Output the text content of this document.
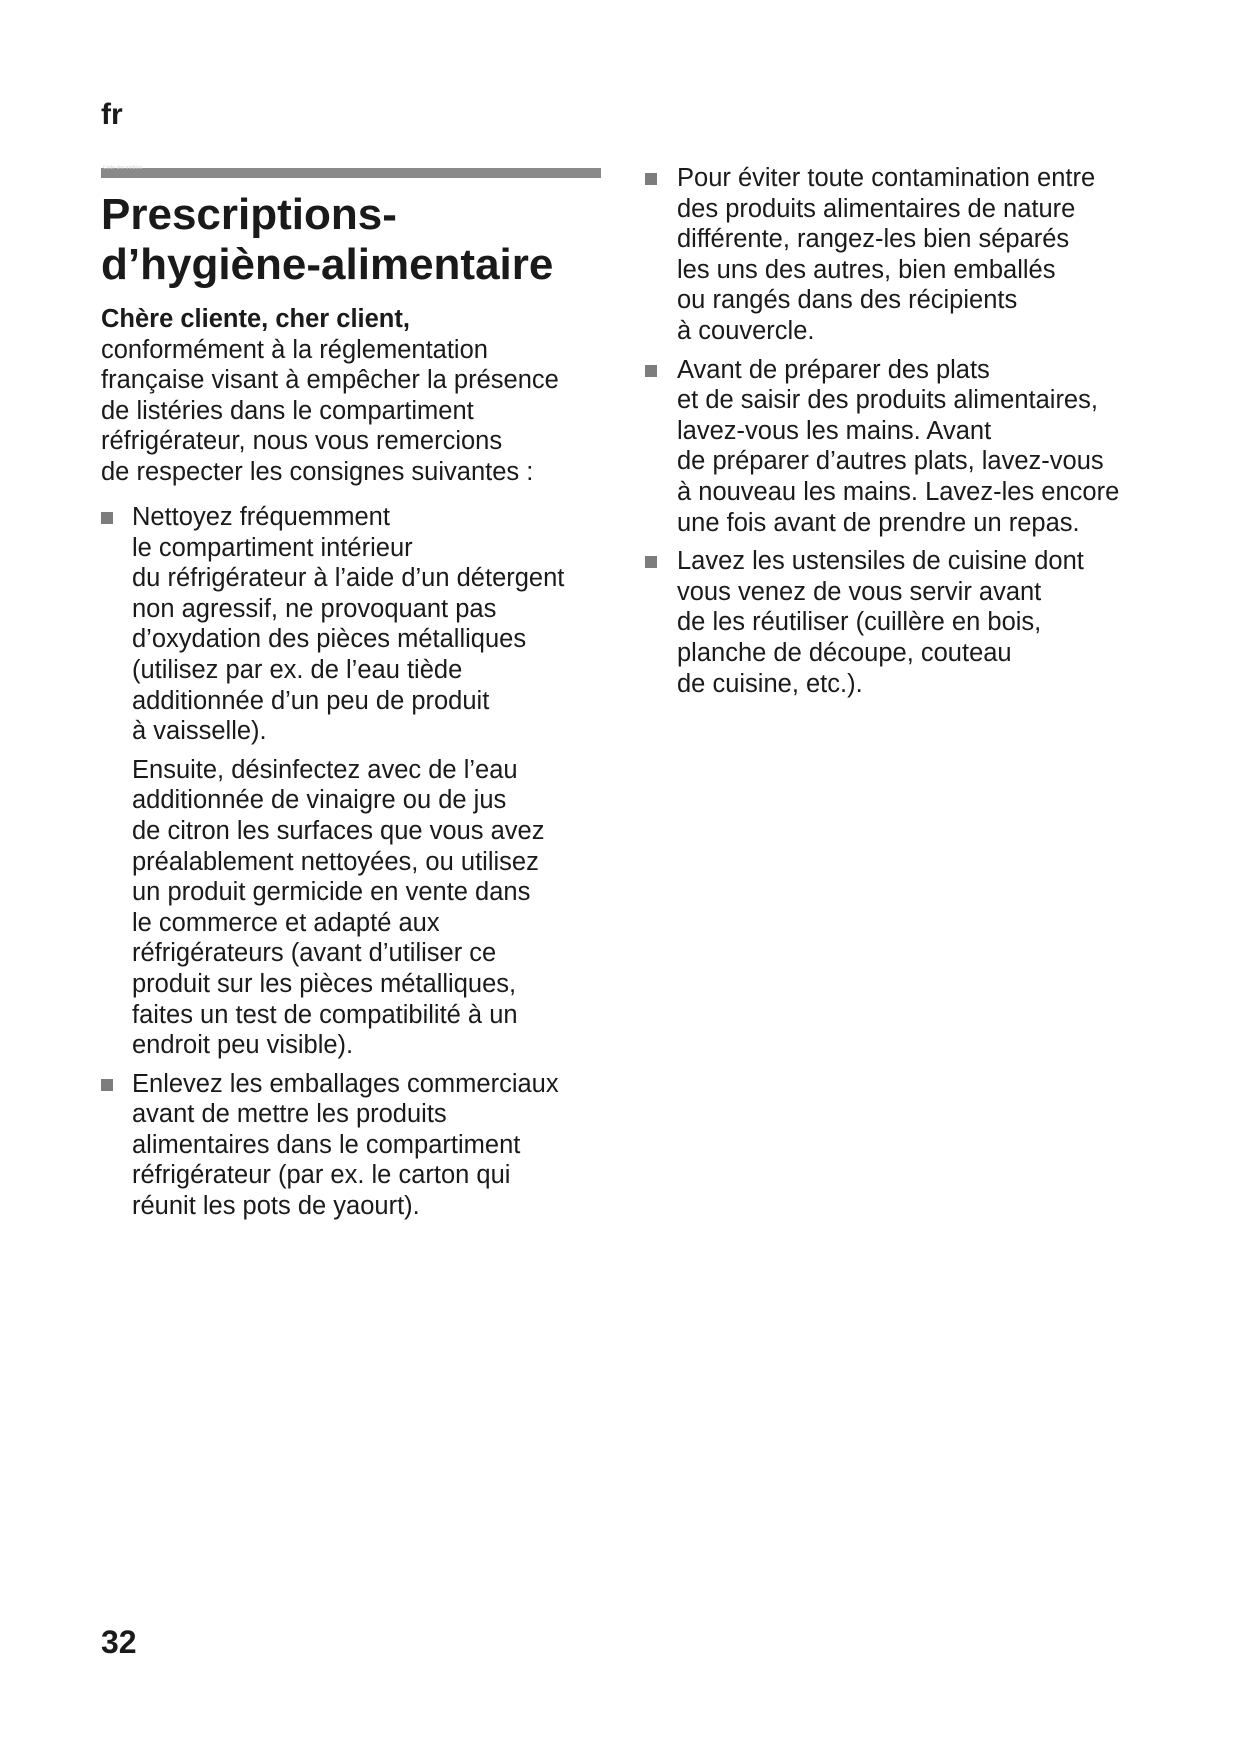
fr
Code des métiers
Prescriptions-
d’hygiène-alimentaire
Chère cliente, cher client,
conformément à la réglementation
française visant à empêcher la présence
de listéries dans le compartiment
réfrigérateur, nous vous remercions
de respecter les consignes suivantes :
Nettoyez fréquemment
le compartiment intérieur
du réfrigérateur à l’aide d’un détergent
non agressif, ne provoquant pas
d’oxydation des pièces métalliques
(utilisez par ex. de l’eau tiède
additionnée d’un peu de produit
à vaisselle).
Ensuite, désinfectez avec de l’eau
additionnée de vinaigre ou de jus
de citron les surfaces que vous avez
préalablement nettoyées, ou utilisez
un produit germicide en vente dans
le commerce et adapté aux
réfrigérateurs (avant d’utiliser ce
produit sur les pièces métalliques,
faites un test de compatibilité à un
endroit peu visible).
Enlevez les emballages commerciaux
avant de mettre les produits
alimentaires dans le compartiment
réfrigérateur (par ex. le carton qui
réunit les pots de yaourt).
Pour éviter toute contamination entre
des produits alimentaires de nature
différente, rangez-les bien séparés
les uns des autres, bien emballés
ou rangés dans des récipients
à couvercle.
Avant de préparer des plats
et de saisir des produits alimentaires,
lavez-vous les mains. Avant
de préparer d’autres plats, lavez-vous
à nouveau les mains. Lavez-les encore
une fois avant de prendre un repas.
Lavez les ustensiles de cuisine dont
vous venez de vous servir avant
de les réutiliser (cuillère en bois,
planche de découpe, couteau
de cuisine, etc.).
32
